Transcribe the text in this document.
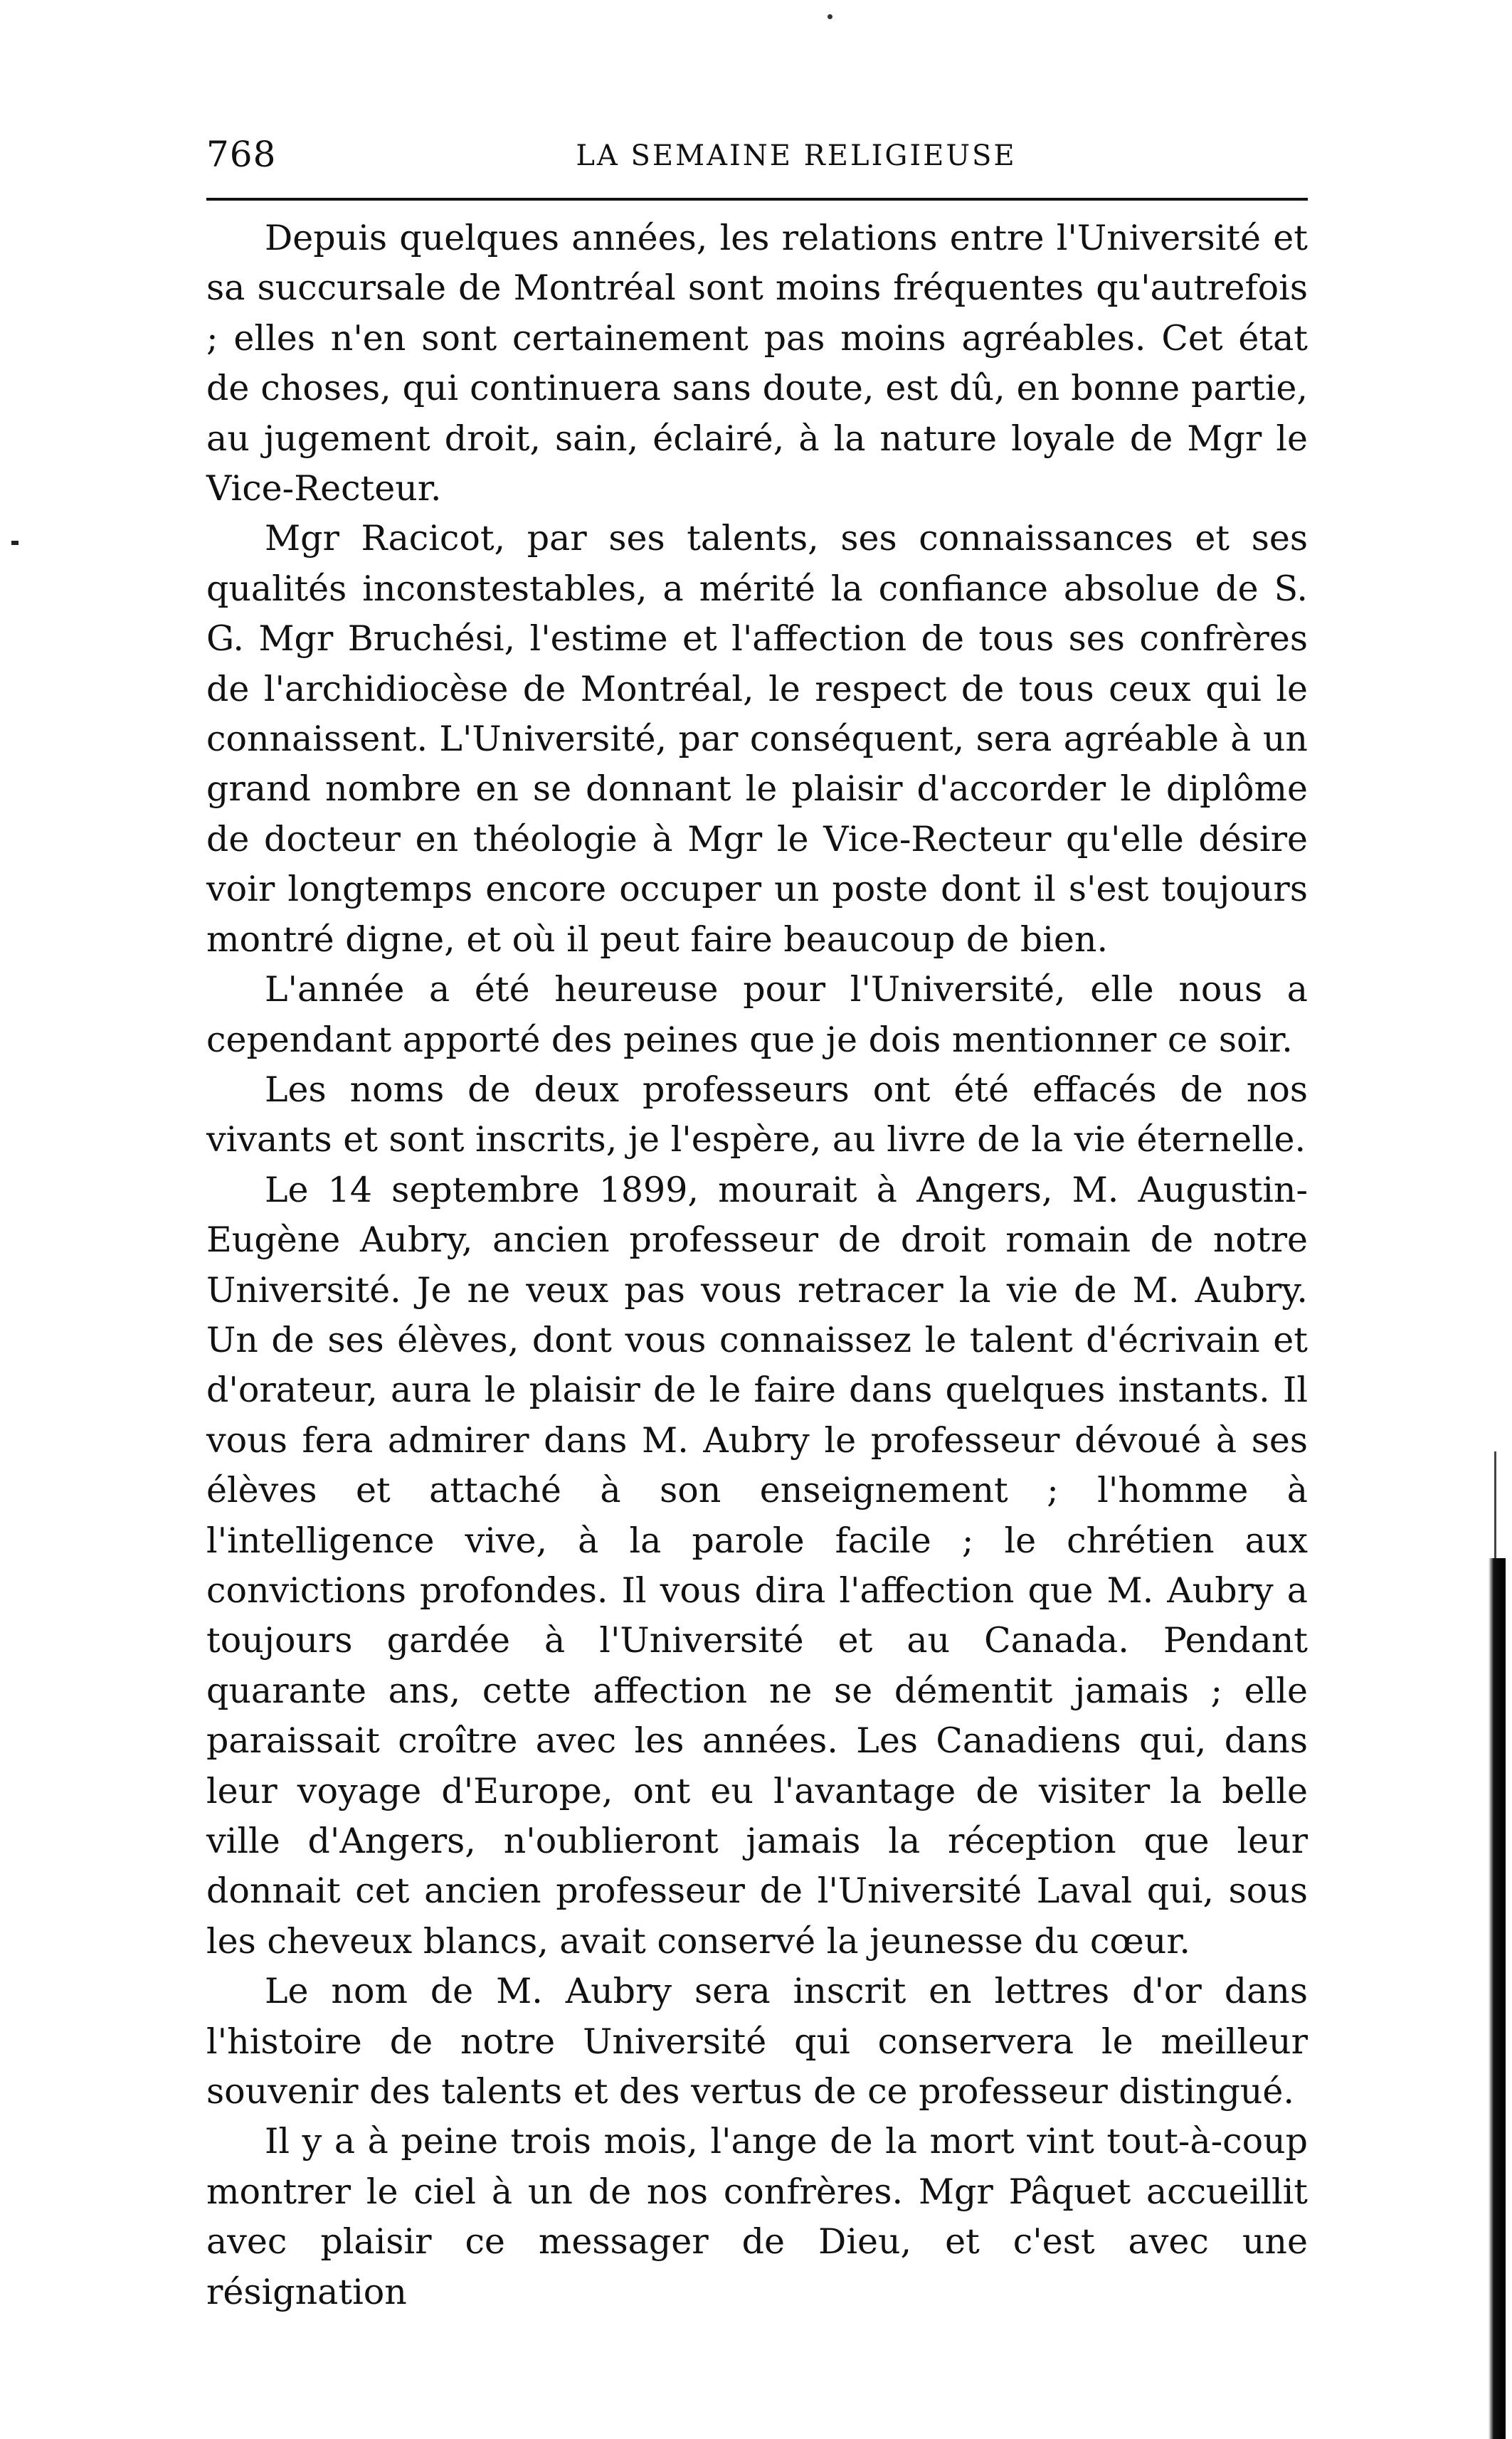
768	LA SEMAINE RELIGIEUSE

Depuis quelques années, les relations entre l'Université et sa succursale de Montréal sont moins fréquentes qu'autrefois ; elles n'en sont certainement pas moins agréables. Cet état de choses, qui continuera sans doute, est dû, en bonne partie, au jugement droit, sain, éclairé, à la nature loyale de Mgr le Vice-Recteur.

Mgr Racicot, par ses talents, ses connaissances et ses qualités inconstestables, a mérité la confiance absolue de S. G. Mgr Bruchési, l'estime et l'affection de tous ses confrères de l'archidiocèse de Montréal, le respect de tous ceux qui le connaissent. L'Université, par conséquent, sera agréable à un grand nombre en se donnant le plaisir d'accorder le diplôme de docteur en théologie à Mgr le Vice-Recteur qu'elle désire voir longtemps encore occuper un poste dont il s'est toujours montré digne, et où il peut faire beaucoup de bien.

L'année a été heureuse pour l'Université, elle nous a cependant apporté des peines que je dois mentionner ce soir.

Les noms de deux professeurs ont été effacés de nos vivants et sont inscrits, je l'espère, au livre de la vie éternelle.

Le 14 septembre 1899, mourait à Angers, M. Augustin-Eugène Aubry, ancien professeur de droit romain de notre Université. Je ne veux pas vous retracer la vie de M. Aubry. Un de ses élèves, dont vous connaissez le talent d'écrivain et d'orateur, aura le plaisir de le faire dans quelques instants. Il vous fera admirer dans M. Aubry le professeur dévoué à ses élèves et attaché à son enseignement ; l'homme à l'intelligence vive, à la parole facile ; le chrétien aux convictions profondes. Il vous dira l'affection que M. Aubry a toujours gardée à l'Université et au Canada. Pendant quarante ans, cette affection ne se démentit jamais ; elle paraissait croître avec les années. Les Canadiens qui, dans leur voyage d'Europe, ont eu l'avantage de visiter la belle ville d'Angers, n'oublieront jamais la réception que leur donnait cet ancien professeur de l'Université Laval qui, sous les cheveux blancs, avait conservé la jeunesse du cœur.

Le nom de M. Aubry sera inscrit en lettres d'or dans l'histoire de notre Université qui conservera le meilleur souvenir des talents et des vertus de ce professeur distingué.

Il y a à peine trois mois, l'ange de la mort vint tout-à-coup montrer le ciel à un de nos confrères. Mgr Pâquet accueillit avec plaisir ce messager de Dieu, et c'est avec une résignation
